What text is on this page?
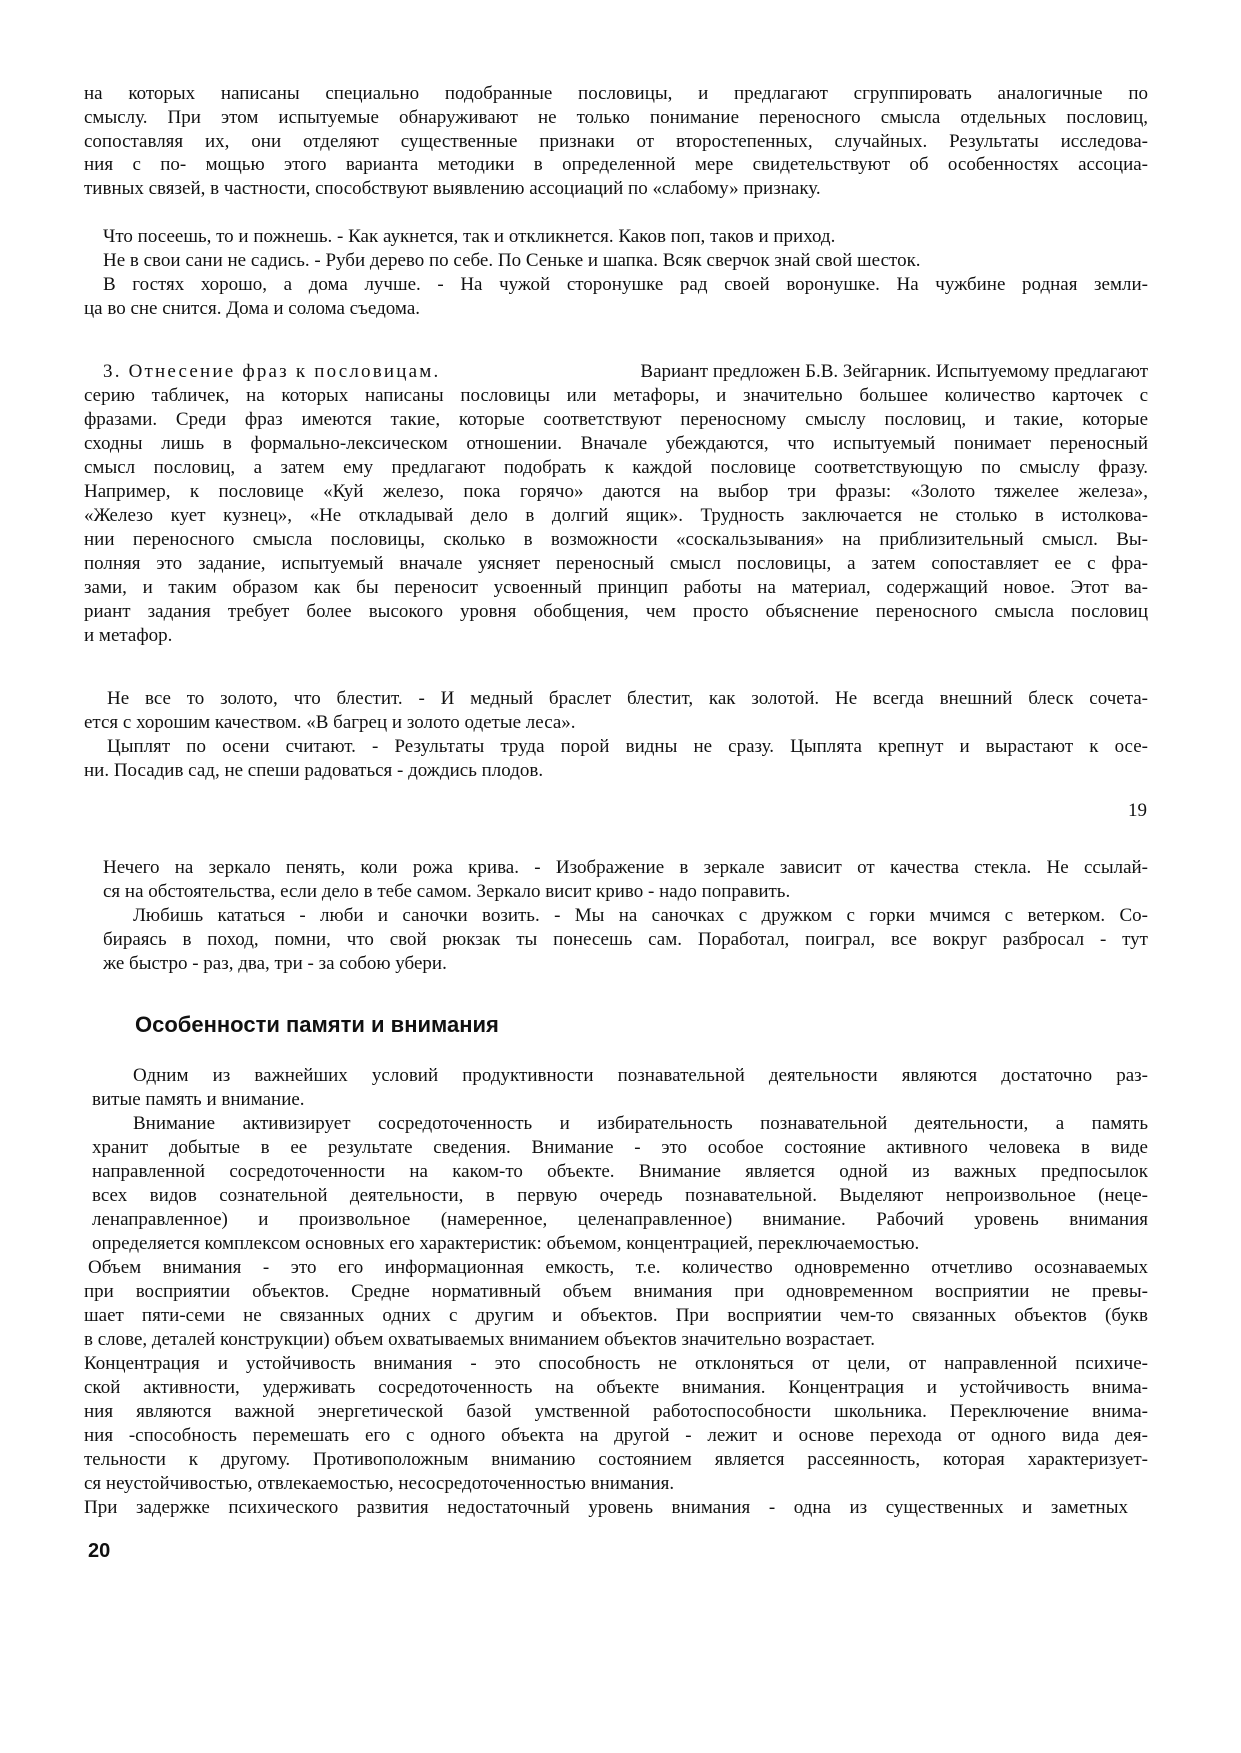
на которых написаны специально подобранные пословицы, и предлагают сгруппировать аналогичные по
смыслу. При этом испытуемые обнаруживают не только понимание переносного смысла отдельных пословиц,
сопоставляя их, они отделяют существенные признаки от второстепенных, случайных. Результаты исследова-
ния с по- мощью этого варианта методики в определенной мере свидетельствуют об особенностях ассоциа-
тивных связей, в частности, способствуют выявлению ассоциаций по «слабому» признаку.
Что посеешь, то и пожнешь. - Как аукнется, так и откликнется. Каков поп, таков и приход.
Не в свои сани не садись. - Руби дерево по себе. По Сеньке и шапка. Всяк сверчок знай свой шесток.
В гостях хорошо, а дома лучше. - На чужой сторонушке рад своей воронушке. На чужбине родная земли-
ца во сне снится. Дома и солома съедома.
3. Отнесение фраз к пословицам.	Вариант предложен Б.В. Зейгарник. Испытуемому предлагают
серию табличек, на которых написаны пословицы или метафоры, и значительно большее количество карточек с
фразами. Среди фраз имеются такие, которые соответствуют переносному смыслу пословиц, и такие, которые
сходны лишь в формально-лексическом отношении. Вначале убеждаются, что испытуемый понимает переносный
смысл пословиц, а затем ему предлагают подобрать к каждой пословице соответствующую по смыслу фразу.
Например, к пословице «Куй железо, пока горячо» даются на выбор три фразы: «Золото тяжелее железа»,
«Железо кует кузнец», «Не откладывай дело в долгий ящик». Трудность заключается не столько в истолкова-
нии переносного смысла пословицы, сколько в возможности «соскальзывания» на приблизительный смысл. Вы-
полняя это задание, испытуемый вначале уясняет переносный смысл пословицы, а затем сопоставляет ее с фра-
зами, и таким образом как бы переносит усвоенный принцип работы на материал, содержащий новое. Этот ва-
риант задания требует более высокого уровня обобщения, чем просто объяснение переносного смысла пословиц
и метафор.
Не все то золото, что блестит. - И медный браслет блестит, как золотой. Не всегда внешний блеск сочета-
ется с хорошим качеством. «В багрец и золото одетые леса».
Цыплят по осени считают. - Результаты труда порой видны не сразу. Цыплята крепнут и вырастают к осе-
ни. Посадив сад, не спеши радоваться - дождись плодов.
19
Нечего на зеркало пенять, коли рожа крива. - Изображение в зеркале зависит от качества стекла. Не ссылай-
ся на обстоятельства, если дело в тебе самом. Зеркало висит криво - надо поправить.
Любишь кататься - люби и саночки возить. - Мы на саночках с дружком с горки мчимся с ветерком. Со-
бираясь в поход, помни, что свой рюкзак ты понесешь сам. Поработал, поиграл, все вокруг разбросал - тут
же быстро - раз, два, три - за собою убери.
Особенности памяти и внимания
Одним из важнейших условий продуктивности познавательной деятельности являются достаточно раз-
витые память и внимание.
Внимание активизирует сосредоточенность и избирательность познавательной деятельности, а память
хранит добытые в ее результате сведения. Внимание - это особое состояние активного человека в виде
направленной сосредоточенности на каком-то объекте. Внимание является одной из важных предпосылок
всех видов сознательной деятельности, в первую очередь познавательной. Выделяют непроизвольное (неце-
ленаправленное) и произвольное (намеренное, целенаправленное) внимание. Рабочий уровень внимания
определяется комплексом основных его характеристик: объемом, концентрацией, переключаемостью.
Объем внимания - это его информационная емкость, т.е. количество одновременно отчетливо осознаваемых
при восприятии объектов. Средне нормативный объем внимания при одновременном восприятии не превы-
шает пяти-семи не связанных одних с другим и объектов. При восприятии чем-то связанных объектов (букв
в слове, деталей конструкции) объем охватываемых вниманием объектов значительно возрастает.
Концентрация и устойчивость внимания - это способность не отклоняться от цели, от направленной психиче-
ской активности, удерживать сосредоточенность на объекте внимания. Концентрация и устойчивость внима-
ния являются важной энергетической базой умственной работоспособности школьника. Переключение внима-
ния -способность перемешать его с одного объекта на другой - лежит и основе перехода от одного вида дея-
тельности к другому. Противоположным вниманию состоянием является рассеянность, которая характеризует-
ся неустойчивостью, отвлекаемостью, несосредоточенностью внимания.
При задержке психического развития недостаточный уровень внимания - одна из существенных и заметных
20
